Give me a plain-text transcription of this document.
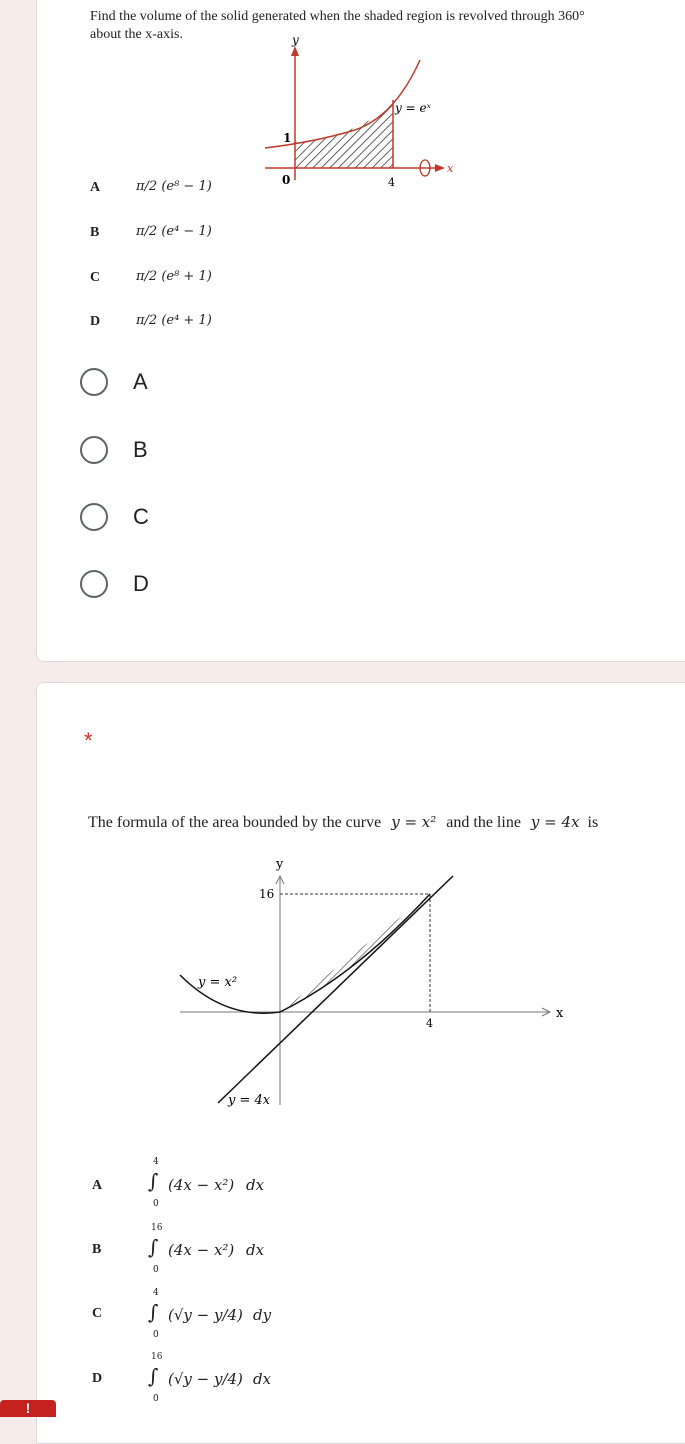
Find the volume of the solid generated when the shaded region is revolved through 360°
about the x-axis.	y
x
y = eˣ
1
0	4
A	π/2 (e⁸ − 1)
B	π/2 (e⁴ − 1)
C	π/2 (e⁸ + 1)
D	π/2 (e⁴ + 1)
A
B
C
D
*
The formula of the area bounded by the curve y = x² and the line y = 4x is
y
x
16
4
y = x²
y = 4x
A
4
∫
0
(4x − x²) dx
B
16
∫
0
(4x − x²) dx
C
4
∫
0
(√y − y/4) dy
D
16
∫
0
(√y − y/4) dx
!
